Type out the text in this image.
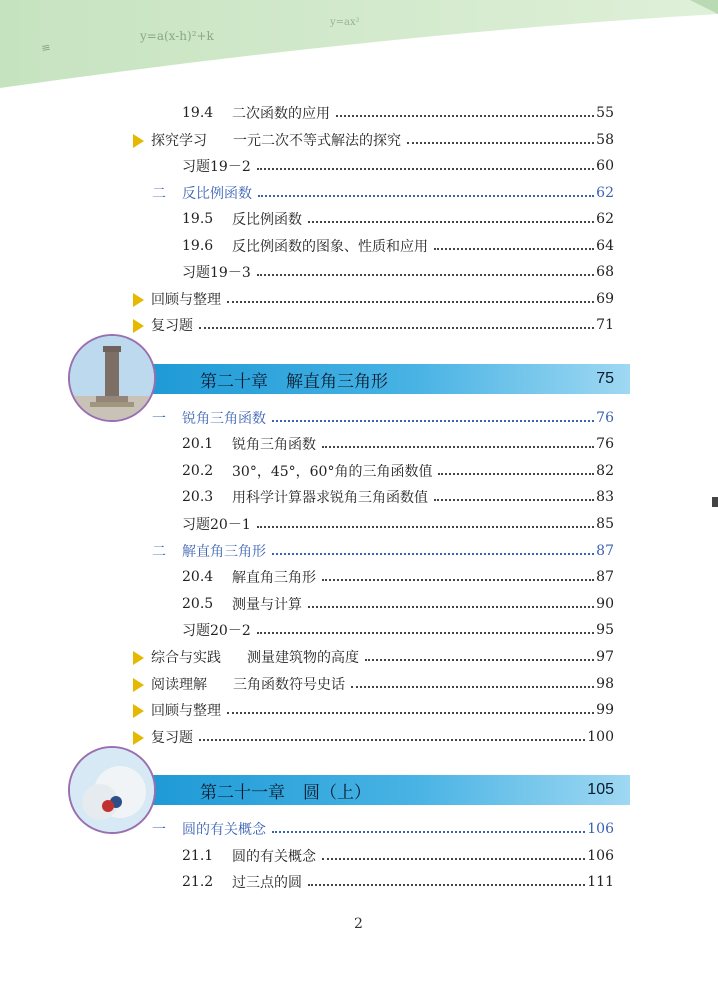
≡
y=a(x-h)²+k
y=ax²
19.4	二次函数的应用	55
探究学习	一元二次不等式解法的探究	58
习题19－2	60
二	反比例函数	62
19.5	反比例函数	62
19.6	反比例函数的图象、性质和应用	64
习题19－3	68
回顾与整理	69
复习题	71
第二十章 解直角三角形	75
一	锐角三角函数	76
20.1	锐角三角函数	76
20.2	30°，45°，60°角的三角函数值	82
20.3	用科学计算器求锐角三角函数值	83
习题20－1	85
二	解直角三角形	87
20.4	解直角三角形	87
20.5	测量与计算	90
习题20－2	95
综合与实践	测量建筑物的高度	97
阅读理解	三角函数符号史话	98
回顾与整理	99
复习题	100
第二十一章 圆（上）	105
一	圆的有关概念	106
21.1	圆的有关概念	106
21.2	过三点的圆	111
2
